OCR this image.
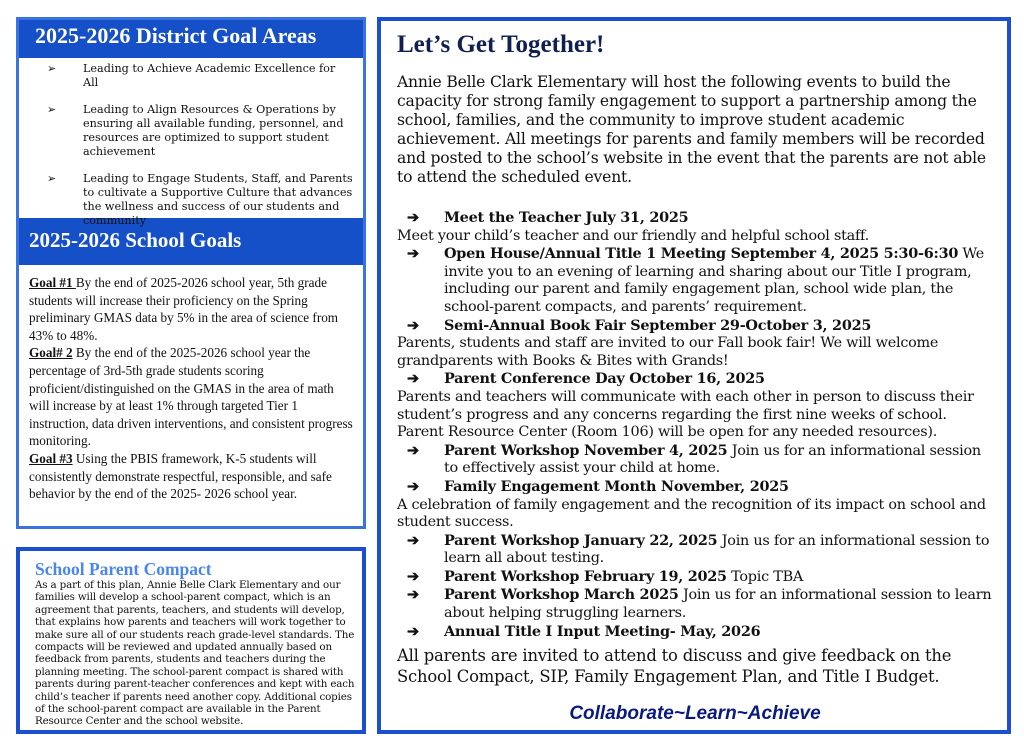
2025-2026 District Goal Areas
➢	Leading to Achieve Academic Excellence for All
➢	Leading to Align Resources & Operations by ensuring all available funding, personnel, and resources are optimized to support student achievement
➢	Leading to Engage Students, Staff, and Parents to cultivate a Supportive Culture that advances the wellness and success of our students and community
2025-2026 School Goals

Goal #1 By the end of 2025-2026 school year, 5th grade students will increase their proficiency on the Spring preliminary GMAS data by 5% in the area of science from 43% to 48%.

Goal# 2 By the end of the 2025-2026 school year the percentage of 3rd-5th grade students scoring proficient/distinguished on the GMAS in the area of math will increase by at least 1% through targeted Tier 1 instruction, data driven interventions, and consistent progress monitoring.

Goal #3 Using the PBIS framework, K-5 students will consistently demonstrate respectful, responsible, and safe behavior by the end of the 2025- 2026 school year.

School Parent Compact
As a part of this plan, Annie Belle Clark Elementary and our families will develop a school-parent compact, which is an agreement that parents, teachers, and students will develop, that explains how parents and teachers will work together to make sure all of our students reach grade-level standards. The compacts will be reviewed and updated annually based on feedback from parents, students and teachers during the planning meeting. The school-parent compact is shared with parents during parent-teacher conferences and kept with each child’s teacher if parents need another copy. Additional copies of the school-parent compact are available in the Parent Resource Center and the school website.
Let’s Get Together!
Annie Belle Clark Elementary will host the following events to build the capacity for strong family engagement to support a partnership among the school, families, and the community to improve student academic achievement. All meetings for parents and family members will be recorded and posted to the school’s website in the event that the parents are not able to attend the scheduled event.
➔	Meet the Teacher July 31, 2025
Meet your child’s teacher and our friendly and helpful school staff.
➔	Open House/Annual Title 1 Meeting September 4, 2025 5:30-6:30 We invite you to an evening of learning and sharing about our Title I program, including our parent and family engagement plan, school wide plan, the school-parent compacts, and parents’ requirement.
➔	Semi-Annual Book Fair September 29-October 3, 2025
Parents, students and staff are invited to our Fall book fair! We will welcome grandparents with Books & Bites with Grands!
➔	Parent Conference Day October 16, 2025
Parents and teachers will communicate with each other in person to discuss their student’s progress and any concerns regarding the first nine weeks of school. Parent Resource Center (Room 106) will be open for any needed resources).
➔	Parent Workshop November 4, 2025 Join us for an informational session to effectively assist your child at home.
➔	Family Engagement Month November, 2025
A celebration of family engagement and the recognition of its impact on school and student success.
➔	Parent Workshop January 22, 2025 Join us for an informational session to learn all about testing.
➔	Parent Workshop February 19, 2025 Topic TBA
➔	Parent Workshop March 2025 Join us for an informational session to learn about helping struggling learners.
➔	Annual Title I Input Meeting- May, 2026
All parents are invited to attend to discuss and give feedback on the School Compact, SIP, Family Engagement Plan, and Title I Budget.
Collaborate~Learn~Achieve
